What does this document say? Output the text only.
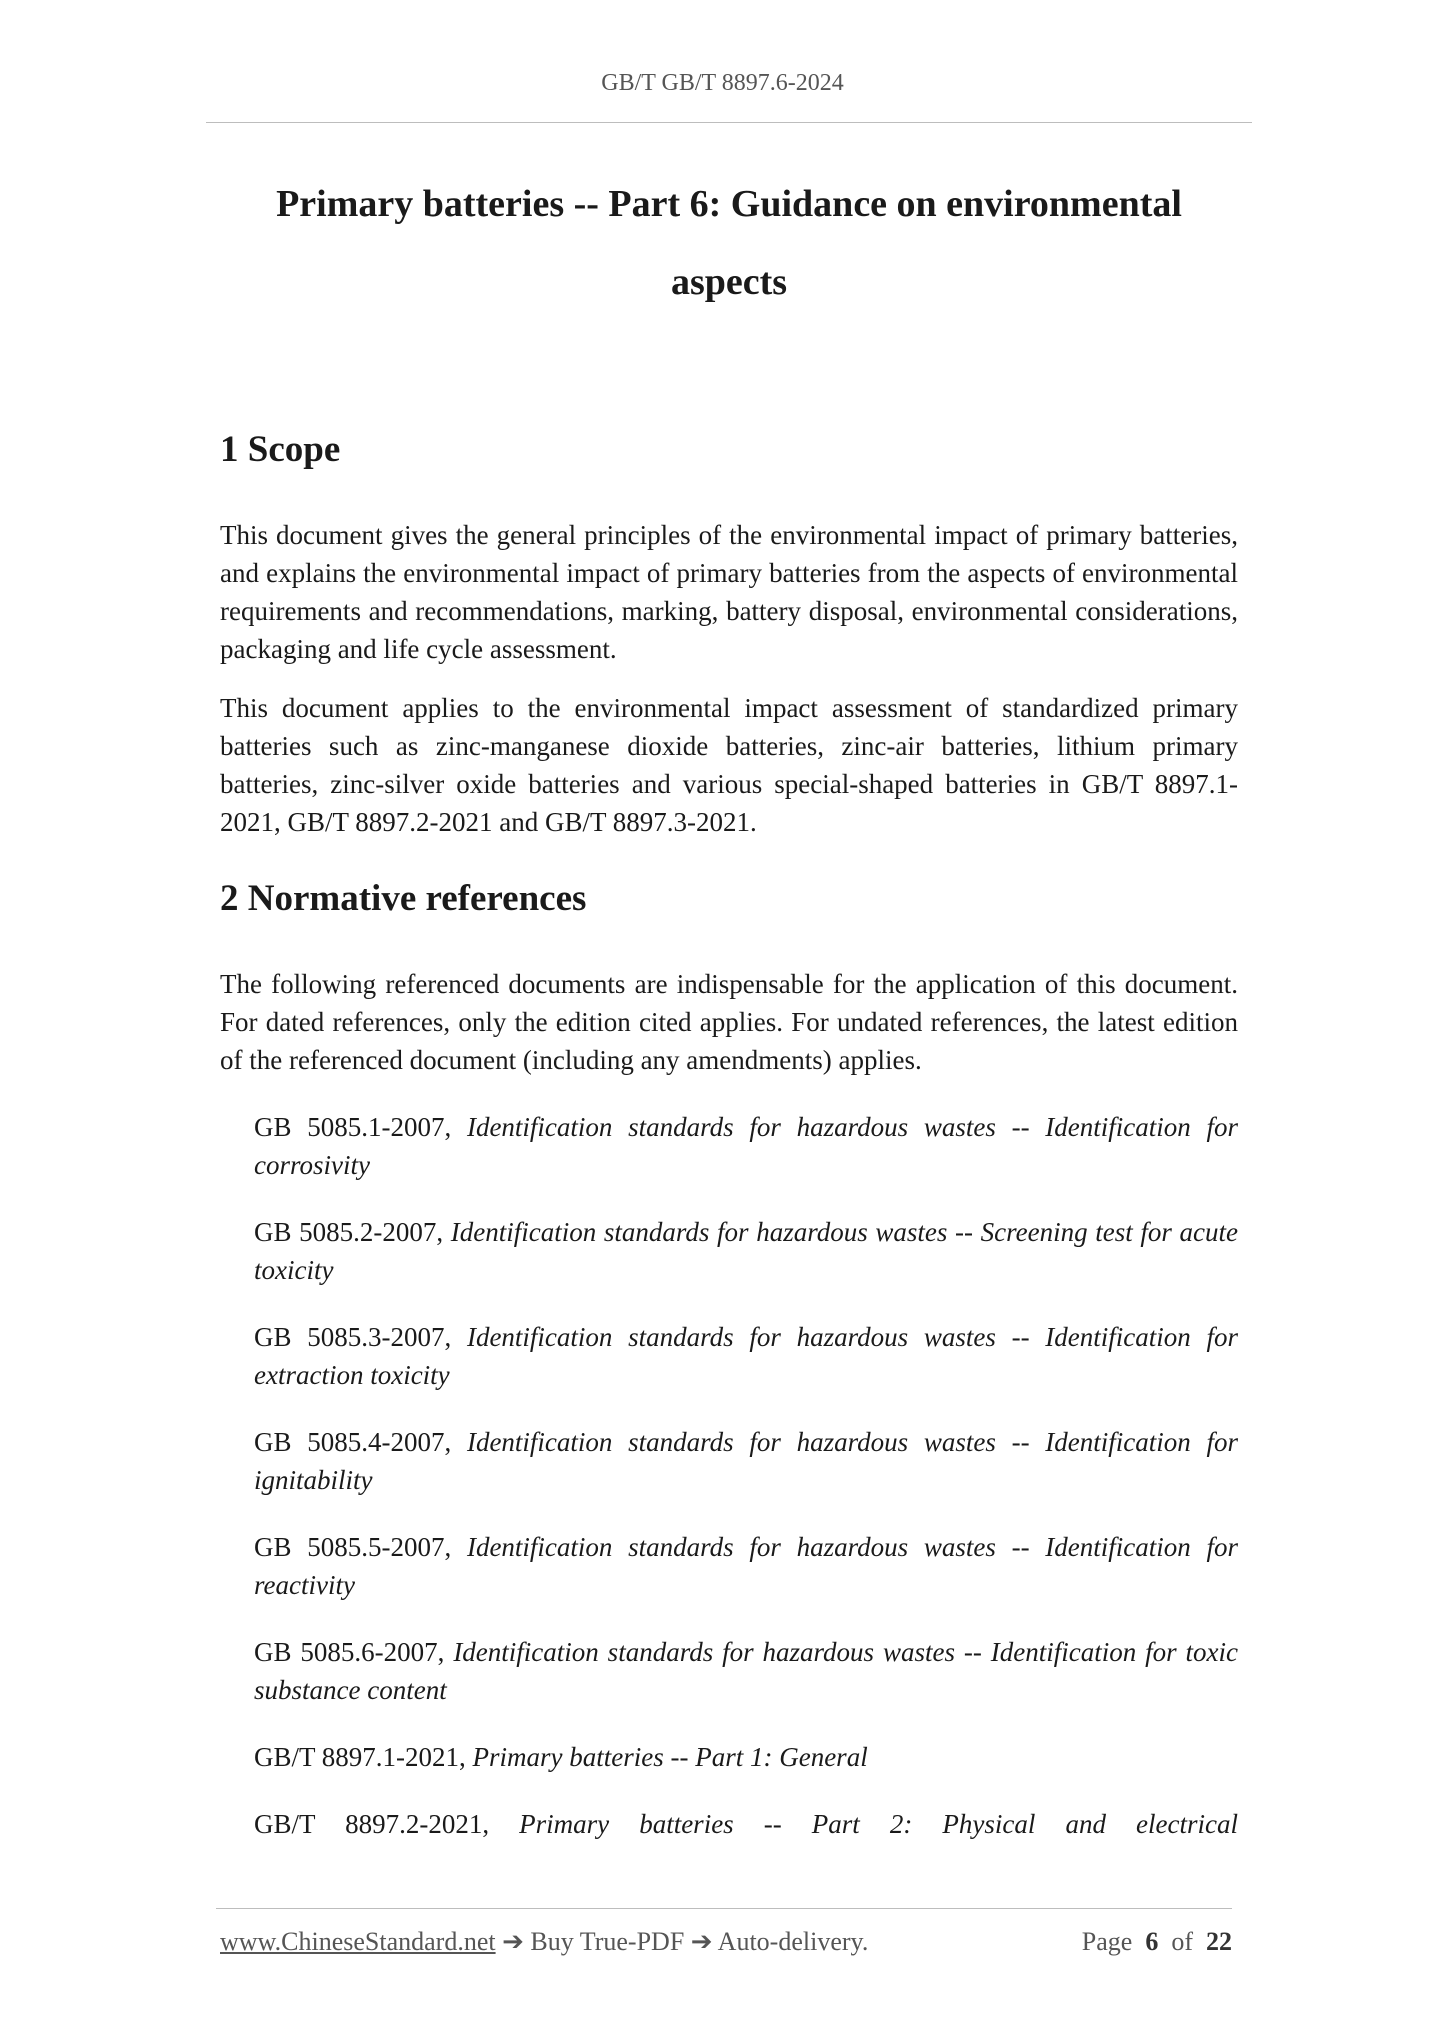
GB/T GB/T 8897.6-2024
Primary batteries -- Part 6: Guidance on environmental
aspects
1 Scope

This document gives the general principles of the environmental impact of primary batteries, and explains the environmental impact of primary batteries from the aspects of environmental requirements and recommendations, marking, battery disposal, environmental considerations, packaging and life cycle assessment.

This document applies to the environmental impact assessment of standardized primary batteries such as zinc-manganese dioxide batteries, zinc-air batteries, lithium primary batteries, zinc-silver oxide batteries and various special-shaped batteries in GB/T 8897.1-2021, GB/T 8897.2-2021 and GB/T 8897.3-2021.

2 Normative references

The following referenced documents are indispensable for the application of this document. For dated references, only the edition cited applies. For undated references, the latest edition of the referenced document (including any amendments) applies.

GB 5085.1-2007, Identification standards for hazardous wastes -- Identification for corrosivity

GB 5085.2-2007, Identification standards for hazardous wastes -- Screening test for acute toxicity

GB 5085.3-2007, Identification standards for hazardous wastes -- Identification for extraction toxicity

GB 5085.4-2007, Identification standards for hazardous wastes -- Identification for ignitability

GB 5085.5-2007, Identification standards for hazardous wastes -- Identification for reactivity

GB 5085.6-2007, Identification standards for hazardous wastes -- Identification for toxic substance content

GB/T 8897.1-2021, Primary batteries -- Part 1: General

GB/T 8897.2-2021, Primary batteries -- Part 2: Physical and electrical

www.ChineseStandard.net ➔ Buy True-PDF ➔ Auto-delivery.	Page 6 of 22
